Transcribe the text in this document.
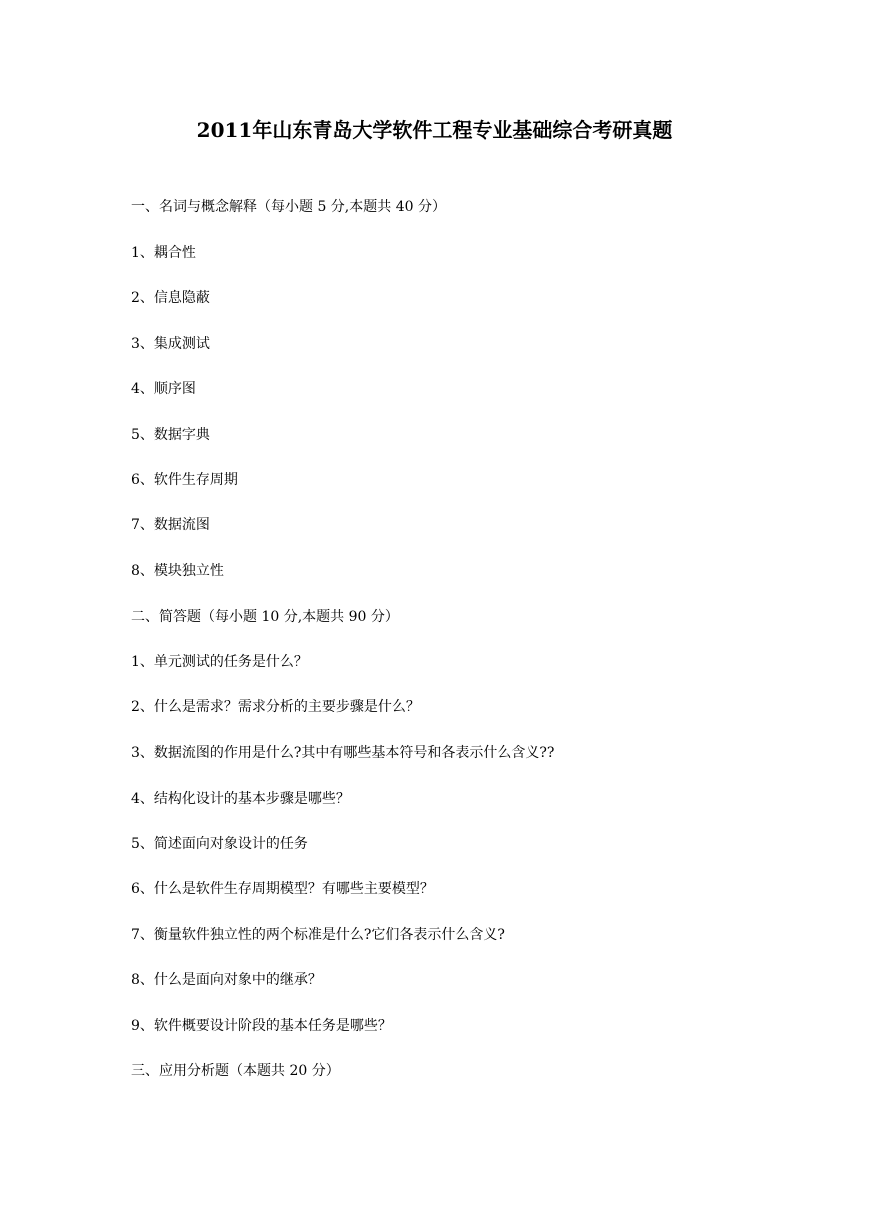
2011年山东青岛大学软件工程专业基础综合考研真题
一、名词与概念解释（每小题 5 分,本题共 40 分）
1、耦合性
2、信息隐蔽
3、集成测试
4、顺序图
5、数据字典
6、软件生存周期
7、数据流图
8、模块独立性
二、简答题（每小题 10 分,本题共 90 分）
1、单元测试的任务是什么？
2、什么是需求？需求分析的主要步骤是什么？
3、数据流图的作用是什么?其中有哪些基本符号和各表示什么含义??
4、结构化设计的基本步骤是哪些？
5、简述面向对象设计的任务
6、什么是软件生存周期模型？有哪些主要模型？
7、衡量软件独立性的两个标准是什么?它们各表示什么含义?
8、什么是面向对象中的继承？
9、软件概要设计阶段的基本任务是哪些？
三、应用分析题（本题共 20 分）
